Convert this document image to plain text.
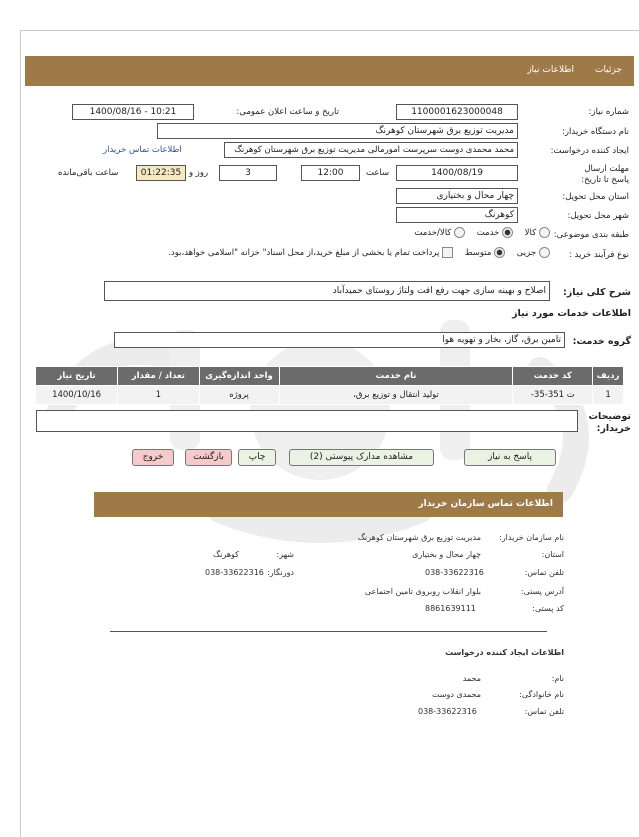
جزئیات
اطلاعات نیاز
شماره نیاز:
1100001623000048
تاریخ و ساعت اعلان عمومی:
1400/08/16 - 10:21
نام دستگاه خریدار:
مدیریت توزیع برق شهرستان کوهرنگ
ایجاد کننده درخواست:
محمد محمدی دوست سرپرست امورمالی مدیریت توزیع برق شهرستان کوهرنگ
اطلاعات تماس خریدار
مهلت ارسال پاسخ تا تاریخ:
1400/08/19
ساعت
12:00
3
روز و
01:22:35
ساعت باقی‌مانده
استان محل تحویل:
چهار محال و بختیاری
شهر محل تحویل:
کوهرنگ
طبقه بندی موضوعی:
کالا     خدمت     کالا/خدمت
نوع فرآیند خرید :
جزیی     متوسط     پرداخت تمام یا بخشی از مبلغ خرید،از محل اسناد" خزانه "اسلامی خواهد،بود.
شرح کلی نیاز:
اصلاح و بهینه سازی جهت رفع افت ولتاژ روستای حمیدآباد
اطلاعات خدمات مورد نیاز
گروه خدمت:
تامین برق، گاز، بخار و تهویه هوا
ردیف	کد خدمت	نام خدمت	واحد اندازه‌گیری	تعداد / مقدار	تاریخ نیاز
1	ت 351-35-	تولید انتقال و توزیع برق،	پروژه	1	1400/10/16
توضیحات خریدار:
پاسخ به نیاز
مشاهده مدارک پیوستی (2)
چاپ
بازگشت
خروج
اطلاعات تماس سازمان خریدار
نام سازمان خریدار:
مدیریت توزیع برق شهرستان کوهرنگ
استان:
چهار محال و بختیاری
شهر:
کوهرنگ
تلفن تماس:
038-33622316
دورنگار:
038-33622316
آدرس پستی:
بلوار انقلاب روبروی تامین اجتماعی
کد پستی:
8861639111
اطلاعات ایجاد کننده درخواست
نام:
محمد
نام خانوادگی:
محمدی دوست
تلفن تماس:
038-33622316
